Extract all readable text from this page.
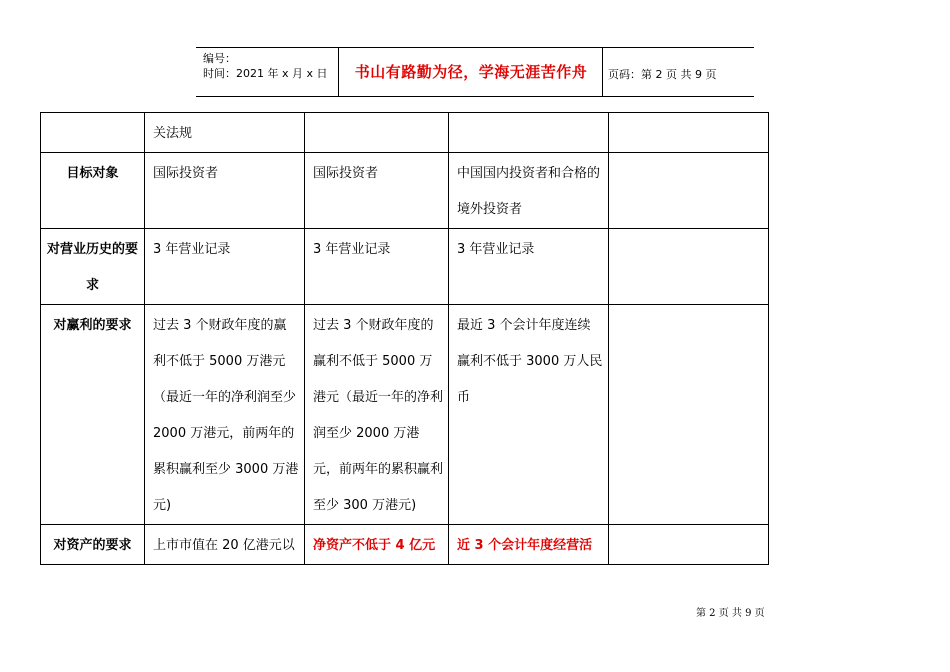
编号：
时间：2021 年 x 月 x 日	书山有路勤为径，学海无涯苦作舟	页码：第 2 页 共 9 页
	关法规			
目标对象	国际投资者	国际投资者	中国国内投资者和合格的境外投资者	
对营业历史的要求	3 年营业记录	3 年营业记录	3 年营业记录	
对赢利的要求	过去 3 个财政年度的赢利不低于 5000 万港元（最近一年的净利润至少 2000 万港元，前两年的累积赢利至少 3000 万港元)	过去 3 个财政年度的赢利不低于 5000 万港元（最近一年的净利润至少 2000 万港元，前两年的累积赢利至少 300 万港元)	最近 3 个会计年度连续赢利不低于 3000 万人民币	
对资产的要求	上市市值在 20 亿港元以	净资产不低于 4 亿元	近 3 个会计年度经营活	
第 2 页 共 9 页
